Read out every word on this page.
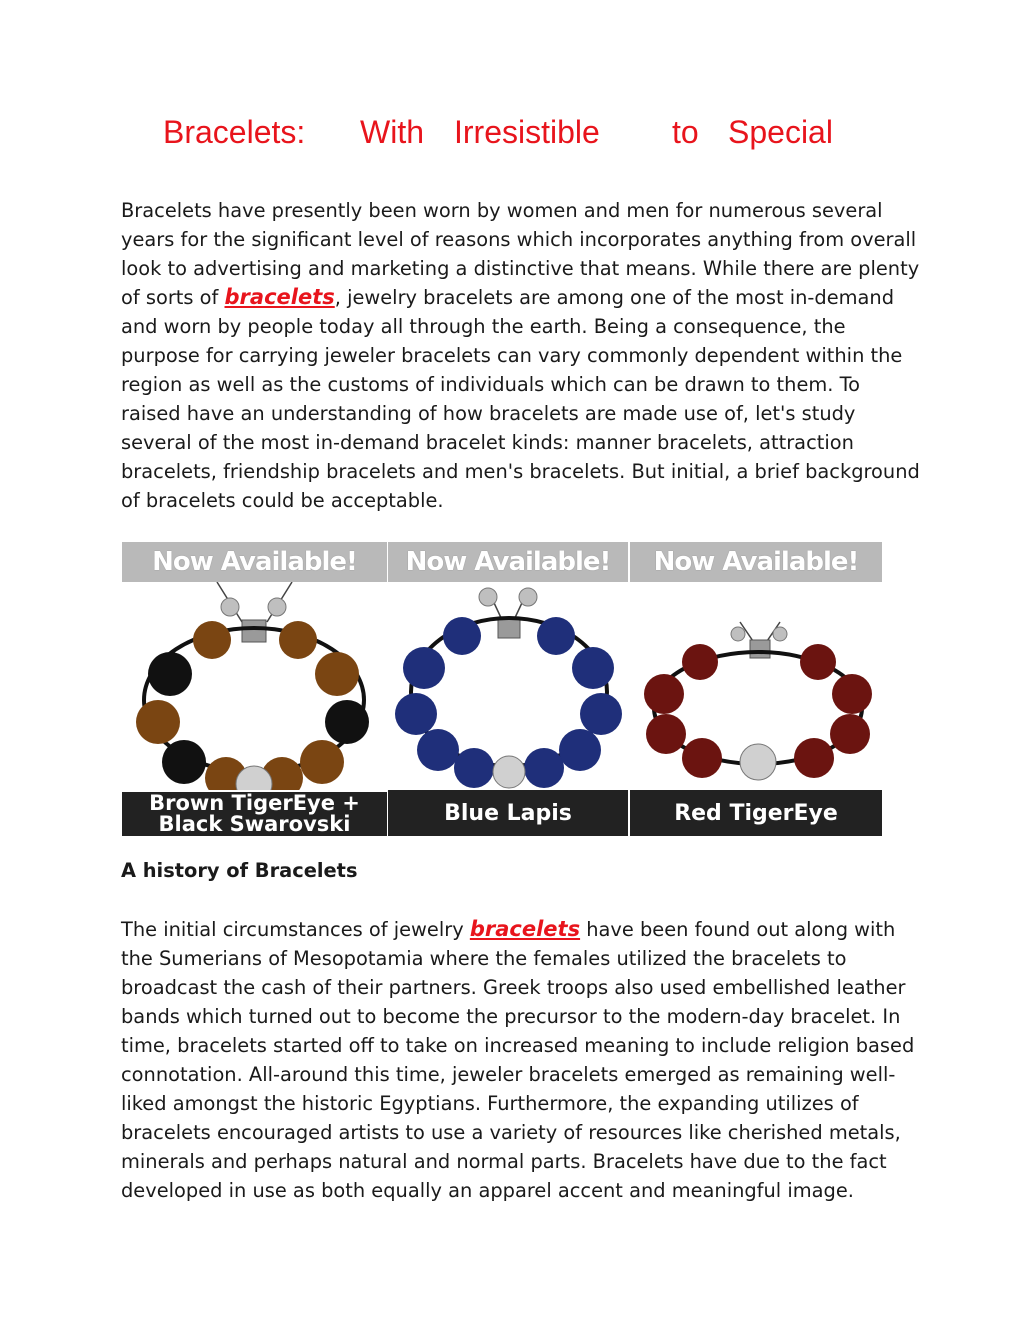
Bracelets: With Irresistible to Special

Bracelets have presently been worn by women and men for numerous several

years for the significant level of reasons which incorporates anything from overall

look to advertising and marketing a distinctive that means. While there are plenty

of sorts of bracelets, jewelry bracelets are among one of the most in-demand

and worn by people today all through the earth. Being a consequence, the

purpose for carrying jeweler bracelets can vary commonly dependent within the

region as well as the customs of individuals which can be drawn to them. To

raised have an understanding of how bracelets are made use of, let's study

several of the most in-demand bracelet kinds: manner bracelets, attraction

bracelets, friendship bracelets and men's bracelets. But initial, a brief background

of bracelets could be acceptable.

Now Available!
Brown TigerEye +
Black Swarovski
Now Available!
Blue Lapis
Now Available!
Red TigerEye
A history of Bracelets

The initial circumstances of jewelry bracelets have been found out along with

the Sumerians of Mesopotamia where the females utilized the bracelets to

broadcast the cash of their partners. Greek troops also used embellished leather

bands which turned out to become the precursor to the modern-day bracelet. In

time, bracelets started off to take on increased meaning to include religion based

connotation. All-around this time, jeweler bracelets emerged as remaining well-

liked amongst the historic Egyptians. Furthermore, the expanding utilizes of

bracelets encouraged artists to use a variety of resources like cherished metals,

minerals and perhaps natural and normal parts. Bracelets have due to the fact

developed in use as both equally an apparel accent and meaningful image.
